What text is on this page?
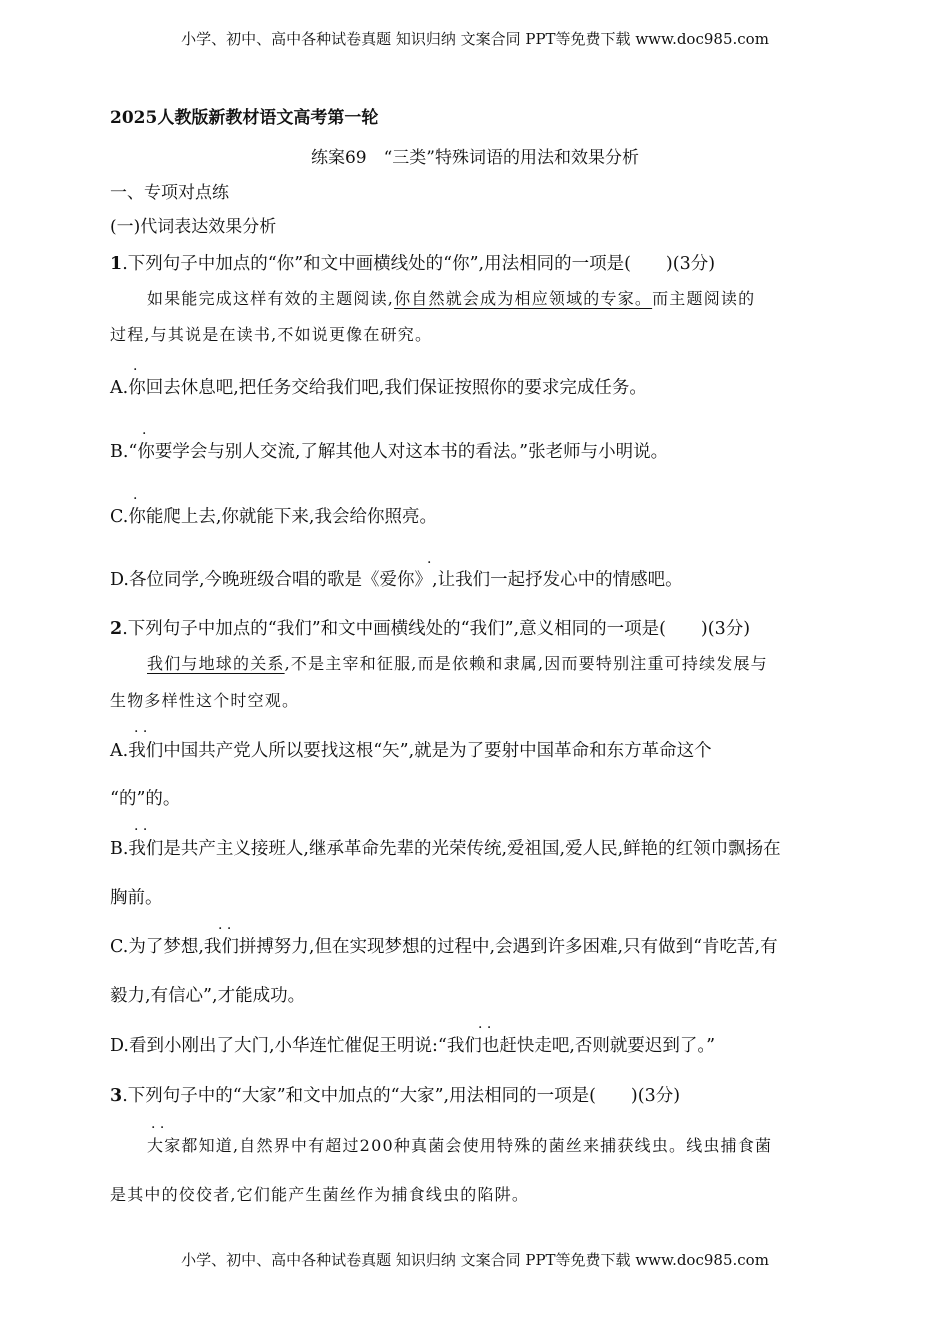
小学、初中、高中各种试卷真题 知识归纳 文案合同 PPT等免费下载 www.doc985.com
2025人教版新教材语文高考第一轮
练案69　“三类”特殊词语的用法和效果分析
一、专项对点练
(一)代词表达效果分析
1.下列句子中加点的“你”和文中画横线处的“你”,用法相同的一项是(　　)(3分)
如果能完成这样有效的主题阅读,你自然就会成为相应领域的专家。而主题阅读的
过程,与其说是在读书,不如说更像在研究。
·
A.你回去休息吧,把任务交给我们吧,我们保证按照你的要求完成任务。
·
B.“你要学会与别人交流,了解其他人对这本书的看法。”张老师与小明说。
·
C.你能爬上去,你就能下来,我会给你照亮。
·
D.各位同学,今晚班级合唱的歌是《爱你》,让我们一起抒发心中的情感吧。
2.下列句子中加点的“我们”和文中画横线处的“我们”,意义相同的一项是(　　)(3分)
我们与地球的关系,不是主宰和征服,而是依赖和隶属,因而要特别注重可持续发展与
生物多样性这个时空观。
· ·
A.我们中国共产党人所以要找这根“矢”,就是为了要射中国革命和东方革命这个
“的”的。
· ·
B.我们是共产主义接班人,继承革命先辈的光荣传统,爱祖国,爱人民,鲜艳的红领巾飘扬在
胸前。
· ·
C.为了梦想,我们拼搏努力,但在实现梦想的过程中,会遇到许多困难,只有做到“肯吃苦,有
毅力,有信心”,才能成功。
· ·
D.看到小刚出了大门,小华连忙催促王明说:“我们也赶快走吧,否则就要迟到了。”
3.下列句子中的“大家”和文中加点的“大家”,用法相同的一项是(　　)(3分)
· ·
大家都知道,自然界中有超过200种真菌会使用特殊的菌丝来捕获线虫。线虫捕食菌
是其中的佼佼者,它们能产生菌丝作为捕食线虫的陷阱。
小学、初中、高中各种试卷真题 知识归纳 文案合同 PPT等免费下载 www.doc985.com
